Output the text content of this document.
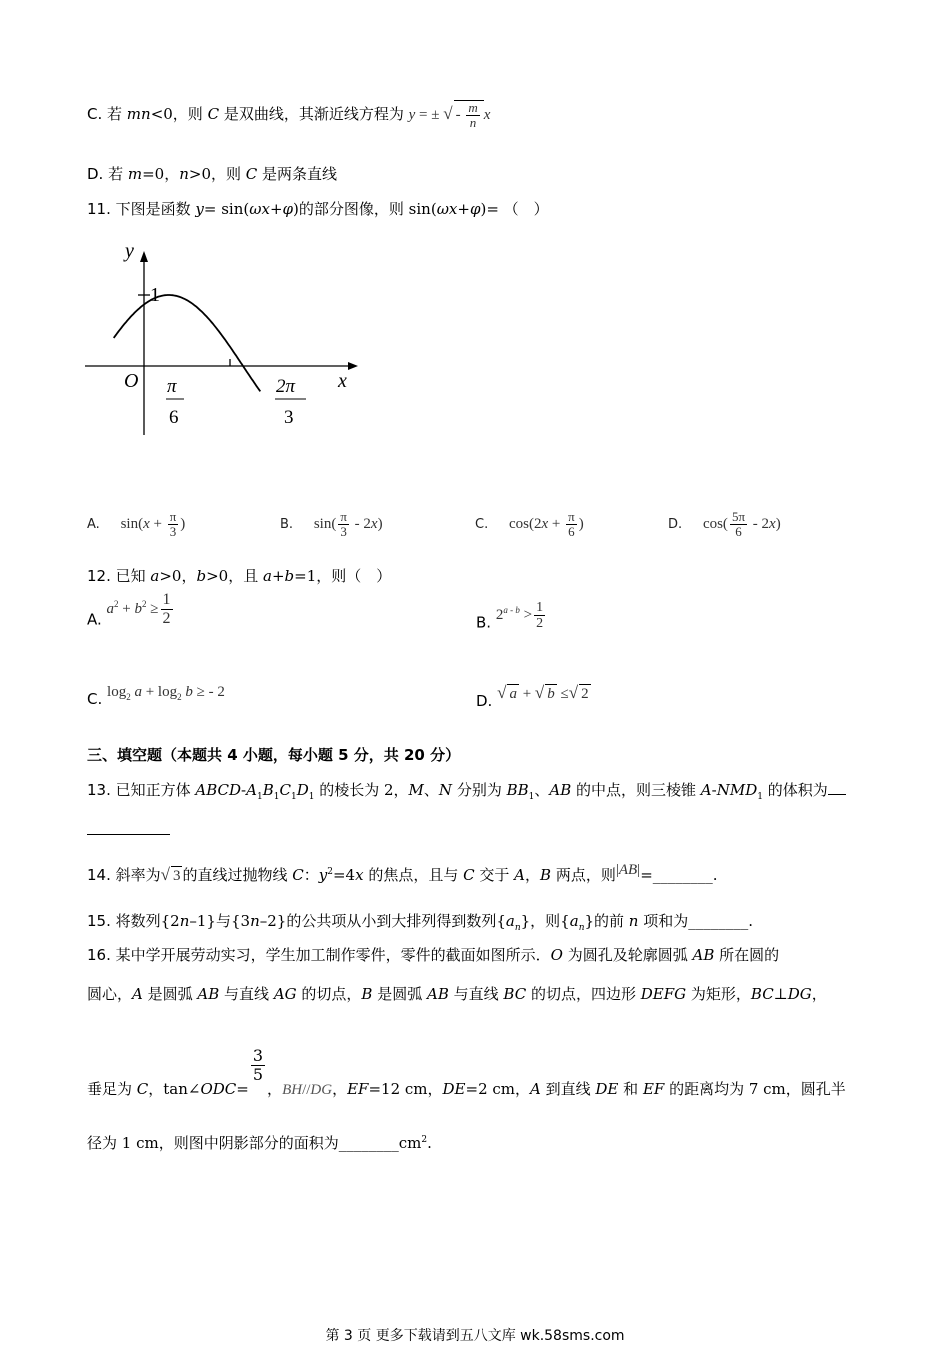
C. 若 mn<0，则 C 是双曲线，其渐近线方程为 y = ± √ - $\frac{m}{n}$ x
D. 若 m=0，n>0，则 C 是两条直线
11. 下图是函数 y= sin(ωx+φ)的部分图像，则 sin(ωx+φ)= （　）
y
x
O
1
π
6
2π
3
A. $\sin(x + \frac{\pi}{3}$ )	B. $\sin( \frac{\pi}{3} - 2x)$	C. $\cos(2x + \frac{\pi}{6}$ )	D. $\cos( \frac{5\pi}{6} - 2x)$
12. 已知 a>0，b>0，且 a+b=1，则（　）
A. $a^2 + b^2 \ge \frac{1}{2}$	B. $2^{a - b} > \frac{1}{2}$
C. $\log_2 a + \log_2 b$ ≥ - 2	D. √ a + √ b ≤√ 2
三、填空题（本题共 4 小题，每小题 5 分，共 20 分）
13. 已知正方体 ABCD-$A_1B_1C_1D_1$ 的棱长为 2，M、N 分别为 $BB_1$、AB 的中点，则三棱锥 $A-NMD_1$ 的体积为
14. 斜率为√ 3 的直线过抛物线 C：$y^2=4x$ 的焦点，且与 C 交于 A，B 两点，则|AB|=________.
15. 将数列{2n–1}与{3n–2}的公共项从小到大排列得到数列$\{a_n\}$，则$\{a_n\}$的前 n 项和为________.
16. 某中学开展劳动实习，学生加工制作零件，零件的截面如图所示．O 为圆孔及轮廓圆弧 AB 所在圆的
圆心，A 是圆弧 AB 与直线 AG 的切点，B 是圆弧 AB 与直线 BC 的切点，四边形 DEFG 为矩形，BC⊥DG，
垂足为 C，tan∠ODC=
$\frac{3}{5}$
，BH//DG，EF=12 cm，DE=2 cm，A 到直线 DE 和 EF 的距离均为 7 cm，圆孔半
径为 1 cm，则图中阴影部分的面积为$\_\_\_\_\_\_\_\_cm^2$.
第 3 页 更多下载请到五八文库 wk.58sms.com
